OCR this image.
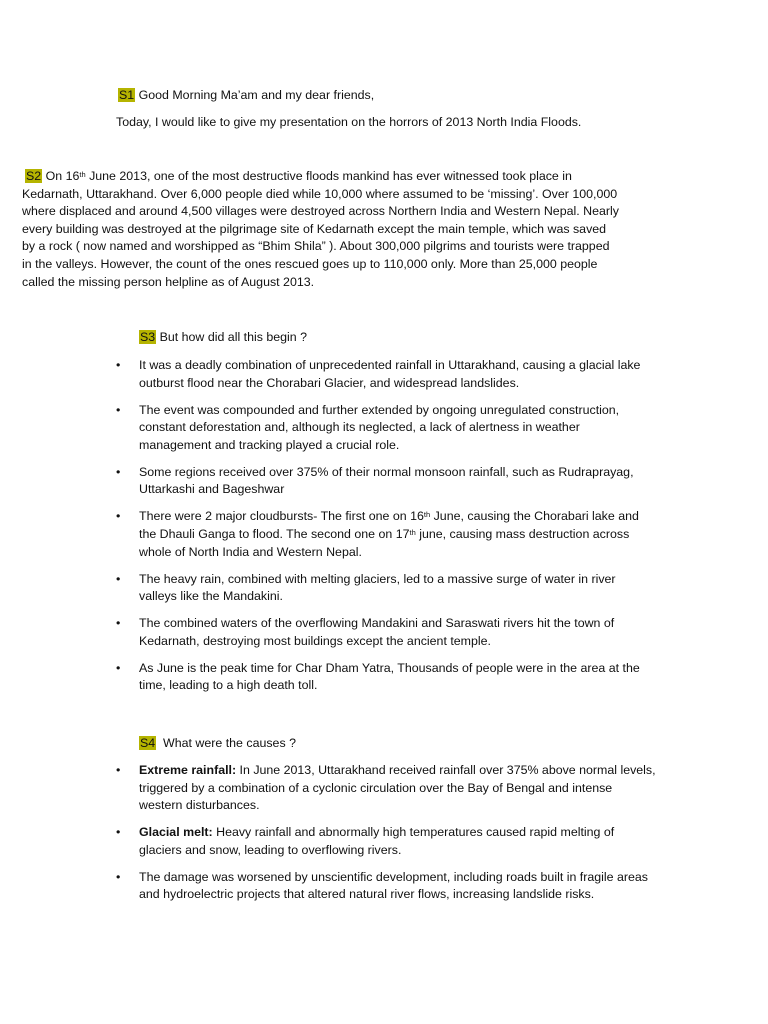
S1 Good Morning Ma’am and my dear friends,
Today, I would like to give my presentation on the horrors of 2013 North India Floods.
S2 On 16th June 2013, one of the most destructive floods mankind has ever witnessed took place in
Kedarnath, Uttarakhand. Over 6,000 people died while 10,000 where assumed to be ‘missing’. Over 100,000
where displaced and around 4,500 villages were destroyed across Northern India and Western Nepal. Nearly
every building was destroyed at the pilgrimage site of Kedarnath except the main temple, which was saved
by a rock ( now named and worshipped as “Bhim Shila” ). About 300,000 pilgrims and tourists were trapped
in the valleys. However, the count of the ones rescued goes up to 110,000 only. More than 25,000 people
called the missing person helpline as of August 2013.
S3 But how did all this begin ?
• It was a deadly combination of unprecedented rainfall in Uttarakhand, causing a glacial lake
outburst flood near the Chorabari Glacier, and widespread landslides.
• The event was compounded and further extended by ongoing unregulated construction,
constant deforestation and, although its neglected, a lack of alertness in weather
management and tracking played a crucial role.
• Some regions received over 375% of their normal monsoon rainfall, such as Rudraprayag,
Uttarkashi and Bageshwar
• There were 2 major cloudbursts- The first one on 16th June, causing the Chorabari lake and
the Dhauli Ganga to flood. The second one on 17th june, causing mass destruction across
whole of North India and Western Nepal.
• The heavy rain, combined with melting glaciers, led to a massive surge of water in river
valleys like the Mandakini.
• The combined waters of the overflowing Mandakini and Saraswati rivers hit the town of
Kedarnath, destroying most buildings except the ancient temple.
• As June is the peak time for Char Dham Yatra, Thousands of people were in the area at the
time, leading to a high death toll.
S4 What were the causes ?
• Extreme rainfall: In June 2013, Uttarakhand received rainfall over 375% above normal levels,
triggered by a combination of a cyclonic circulation over the Bay of Bengal and intense
western disturbances.
• Glacial melt: Heavy rainfall and abnormally high temperatures caused rapid melting of
glaciers and snow, leading to overflowing rivers.
• The damage was worsened by unscientific development, including roads built in fragile areas
and hydroelectric projects that altered natural river flows, increasing landslide risks.
